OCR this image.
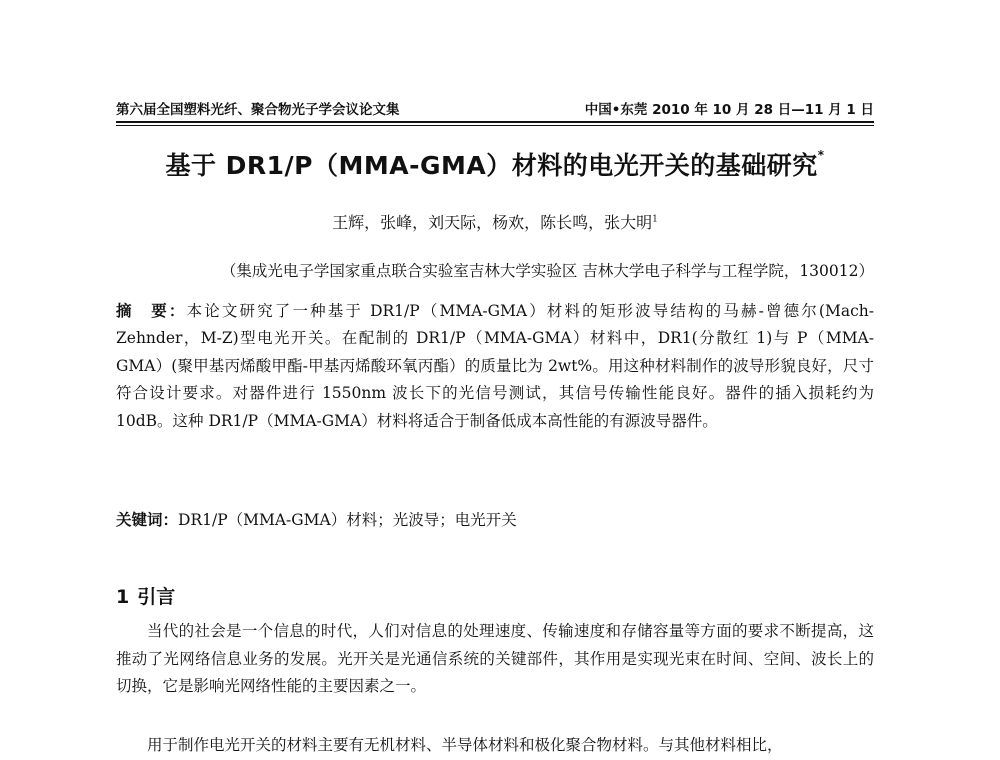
第六届全国塑料光纤、聚合物光子学会议论文集	中国•东莞 2010 年 10 月 28 日—11 月 1 日
基于 DR1/P（MMA-GMA）材料的电光开关的基础研究*
王辉，张峰，刘天际，杨欢，陈长鸣，张大明$^1$
（集成光电子学国家重点联合实验室吉林大学实验区 吉林大学电子科学与工程学院，130012）

摘　要：本论文研究了一种基于 DR1/P（MMA-GMA）材料的矩形波导结构的马赫-曾德尔(Mach-Zehnder，M-Z)型电光开关。在配制的 DR1/P（MMA-GMA）材料中，DR1(分散红 1)与 P（MMA-GMA）(聚甲基丙烯酸甲酯-甲基丙烯酸环氧丙酯）的质量比为 2wt%。用这种材料制作的波导形貌良好，尺寸符合设计要求。对器件进行 1550nm 波长下的光信号测试，其信号传输性能良好。器件的插入损耗约为 10dB。这种 DR1/P（MMA-GMA）材料将适合于制备低成本高性能的有源波导器件。

关键词：DR1/P（MMA-GMA）材料；光波导；电光开关
1 引言

当代的社会是一个信息的时代，人们对信息的处理速度、传输速度和存储容量等方面的要求不断提高，这推动了光网络信息业务的发展。光开关是光通信系统的关键部件，其作用是实现光束在时间、空间、波长上的切换，它是影响光网络性能的主要因素之一。

用于制作电光开关的材料主要有无机材料、半导体材料和极化聚合物材料。与其他材料相比，
